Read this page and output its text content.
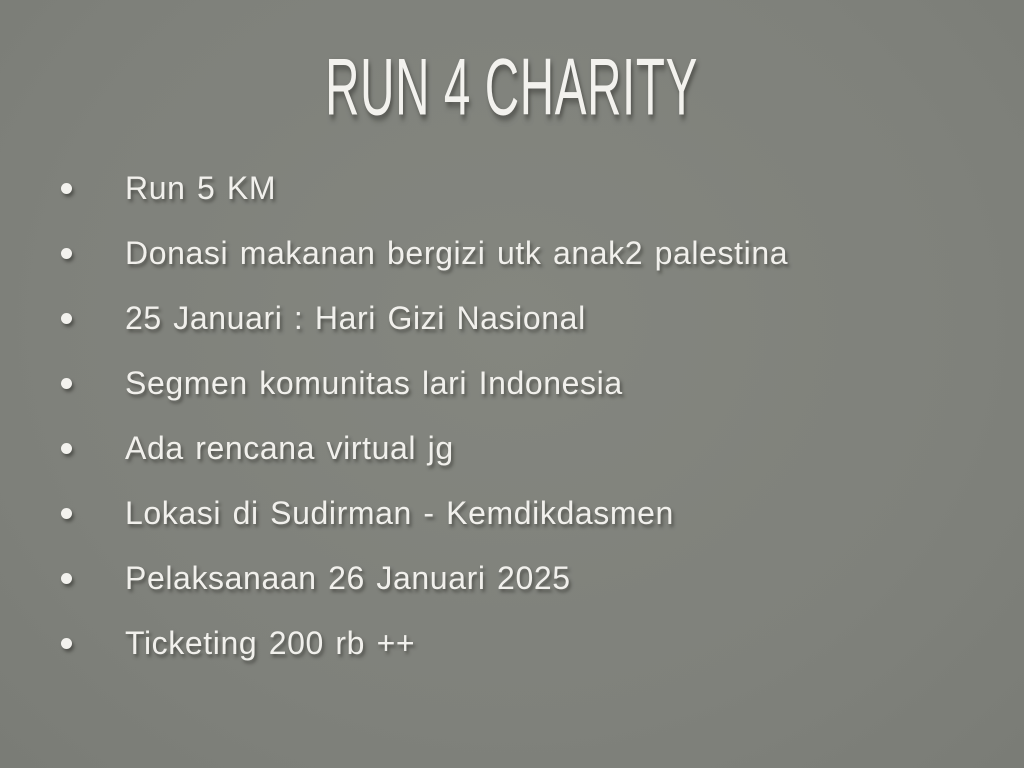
RUN 4 CHARITY
Run 5 KM
Donasi makanan bergizi utk anak2 palestina
25 Januari : Hari Gizi Nasional
Segmen komunitas lari Indonesia
Ada rencana virtual jg
Lokasi di Sudirman - Kemdikdasmen
Pelaksanaan 26 Januari 2025
Ticketing 200 rb ++
